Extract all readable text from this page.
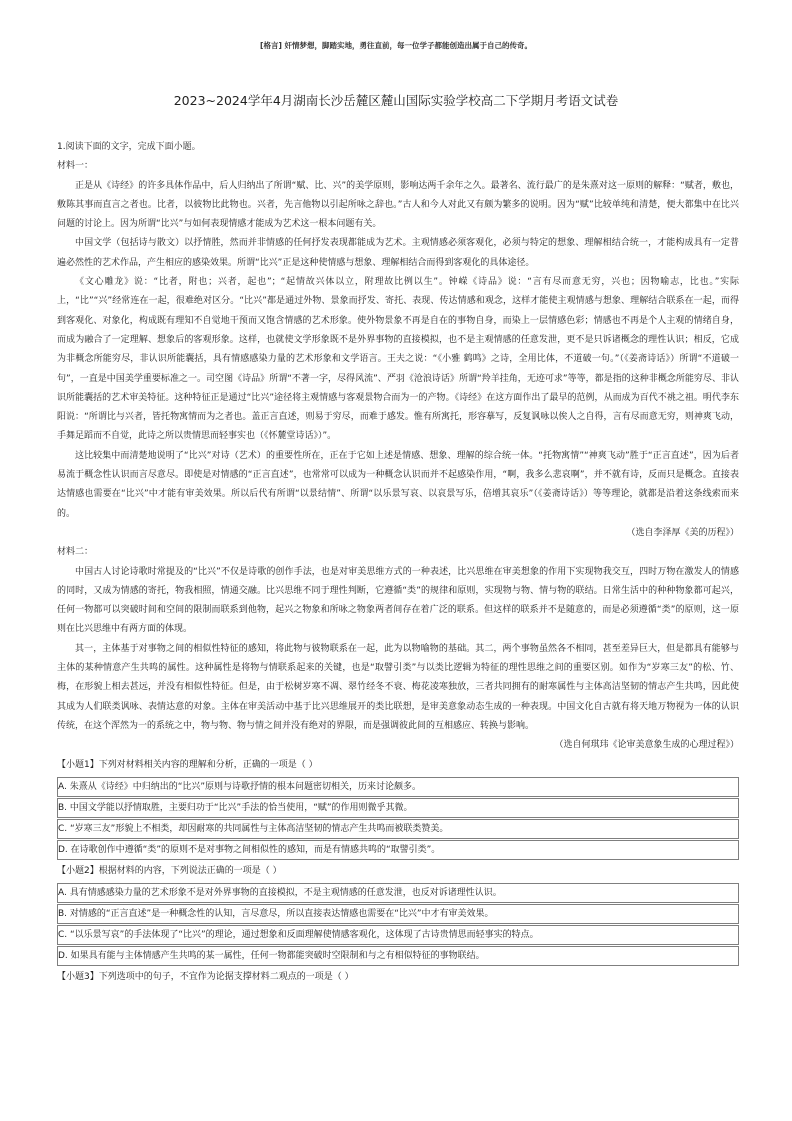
[格言] 奸情梦想，脚踏实地，勇往直前，每一位学子都能创造出属于自己的传奇。
2023~2024学年4月湖南长沙岳麓区麓山国际实验学校高二下学期月考语文试卷

1.阅读下面的文字，完成下面小题。

材料一：

正是从《诗经》的许多具体作品中，后人归纳出了所谓“赋、比、兴”的美学原则，影响达两千余年之久。最著名、流行最广的是朱熹对这一原则的解释：“赋者，敷也，敷陈其事而直言之者也。比者，以彼物比此物也。兴者，先言他物以引起所咏之辞也。”古人和今人对此又有颇为繁多的说明。因为“赋”比较单纯和清楚，便大都集中在比兴问题的讨论上。因为所谓“比兴”与如何表现情感才能成为艺术这一根本问题有关。

中国文学（包括诗与散文）以抒情胜，然而并非情感的任何抒发表现都能成为艺术。主观情感必须客观化，必须与特定的想象、理解相结合统一，才能构成具有一定普遍必然性的艺术作品，产生相应的感染效果。所谓“比兴”正是这种使情感与想象、理解相结合而得到客观化的具体途径。

《文心雕龙》说：“比者，附也；兴者，起也”；“起情故兴体以立，附理故比例以生”。钟嵘《诗品》说：“言有尽而意无穷，兴也；因物喻志，比也。”实际上，“比”“兴”经常连在一起，很难绝对区分。“比兴”都是通过外物、景象而抒发、寄托、表现、传达情感和观念，这样才能使主观情感与想象、理解结合联系在一起，而得到客观化、对象化，构成既有理知不自觉地干预而又饱含情感的艺术形象。使外物景象不再是自在的事物自身，而染上一层情感色彩；情感也不再是个人主观的情绪自身，而成为融合了一定理解、想象后的客观形象。这样，也就使文学形象既不是外界事物的直接模拟，也不是主观情感的任意发泄，更不是只诉诸概念的理性认识；相反，它成为非概念所能穷尽，非认识所能囊括，具有情感感染力量的艺术形象和文学语言。王夫之说：“《小雅 鹤鸣》之诗，全用比体，不道破一句。”（《姜斋诗话》）所谓“不道破一句”，一直是中国美学重要标准之一。司空图《诗品》所谓“不著一字，尽得风流”、严羽《沧浪诗话》所谓“羚羊挂角，无迹可求”等等，都是指的这种非概念所能穷尽、非认识所能囊括的艺术审美特征。这种特征正是通过“比兴”途径将主观情感与客观景物合而为一的产物。《诗经》在这方面作出了最早的范例，从而成为百代不祧之祖。明代李东阳说：“所谓比与兴者，皆托物寓情而为之者也。盖正言直述，则易于穷尽，而难于感发。惟有所寓托，形容摹写，反复讽咏以俟人之自得，言有尽而意无穷，则神爽飞动，手舞足蹈而不自觉，此诗之所以贵情思而轻事实也（《怀麓堂诗话》）”。

这比较集中而清楚地说明了“比兴”对诗（艺术）的重要性所在，正在于它如上述是情感、想象、理解的综合统一体。“托物寓情”“神爽飞动”胜于“正言直述”，因为后者易流于概念性认识而言尽意尽。即使是对情感的“正言直述”，也常常可以成为一种概念认识而并不起感染作用，“啊，我多么悲哀啊”，并不就有诗，反而只是概念。直接表达情感也需要在“比兴”中才能有审美效果。所以后代有所谓“以景结情”、所谓“以乐景写哀、以哀景写乐，倍增其哀乐”（《姜斋诗话》）等等理论，就都是沿着这条线索而来的。

（选自李泽厚《美的历程》）

材料二：

中国古人讨论诗歌时常提及的“比兴”不仅是诗歌的创作手法，也是对审美思维方式的一种表述，比兴思维在审美想象的作用下实现物我交互，四时万物在激发人的情感的同时，又成为情感的寄托，物我相照，情通交融。比兴思维不同于理性判断，它遵循“类”的规律和原则，实现物与物、情与物的联结。日常生活中的种种物象都可起兴，任何一物都可以突破时间和空间的限制而联系到他物，起兴之物象和所咏之物象两者间存在着广泛的联系。但这样的联系并不是随意的，而是必须遵循“类”的原则，这一原则在比兴思维中有两方面的体现。

其一，主体基于对事物之间的相似性特征的感知，将此物与彼物联系在一起，此为以物喻物的基础。其二，两个事物虽然各不相同，甚至差异巨大，但是都具有能够与主体的某种情意产生共鸣的属性。这种属性是将物与情联系起来的关键，也是“取譬引类”与以类比逻辑为特征的理性思维之间的重要区别。如作为“岁寒三友”的松、竹、梅，在形貌上相去甚远，并没有相似性特征。但是，由于松树岁寒不凋、翠竹经冬不衰、梅花凌寒独放，三者共同拥有的耐寒属性与主体高洁坚韧的情志产生共鸣，因此使其成为人们联类讽咏、表情达意的对象。主体在审美活动中基于比兴思维展开的类比联想，是审美意象动态生成的一种表现。中国文化自古就有将天地万物视为一体的认识传统，在这个浑然为一的系统之中，物与物、物与情之间并没有绝对的界限，而是强调彼此间的互相感应、转换与影响。

（选自何琪玮《论审美意象生成的心理过程》）

【小题1】下列对材料相关内容的理解和分析，正确的一项是（ ）

A. 朱熹从《诗经》中归纳出的“比兴”原则与诗歌抒情的根本问题密切相关，历来讨论颇多。
B. 中国文学能以抒情取胜，主要归功于“比兴”手法的恰当使用，“赋”的作用则微乎其微。
C. “岁寒三友”形貌上不相类，却因耐寒的共同属性与主体高洁坚韧的情志产生共鸣而被联类赞美。
D. 在诗歌创作中遵循“类”的原则不是对事物之间相似性的感知，而是有情感共鸣的“取譬引类”。

【小题2】根据材料的内容，下列说法正确的一项是（ ）

A. 具有情感感染力量的艺术形象不是对外界事物的直接模拟，不是主观情感的任意发泄，也反对诉诸理性认识。
B. 对情感的“正言直述”是一种概念性的认知，言尽意尽，所以直接表达情感也需要在“比兴”中才有审美效果。
C. “以乐景写哀”的手法体现了“比兴”的理论，通过想象和反面理解使情感客观化，这体现了古诗贵情思而轻事实的特点。
D. 如果具有能与主体情感产生共鸣的某一属性，任何一物都能突破时空限制和与之有相似特征的事物联结。

【小题3】下列选项中的句子，不宜作为论据支撑材料二观点的一项是（ ）
